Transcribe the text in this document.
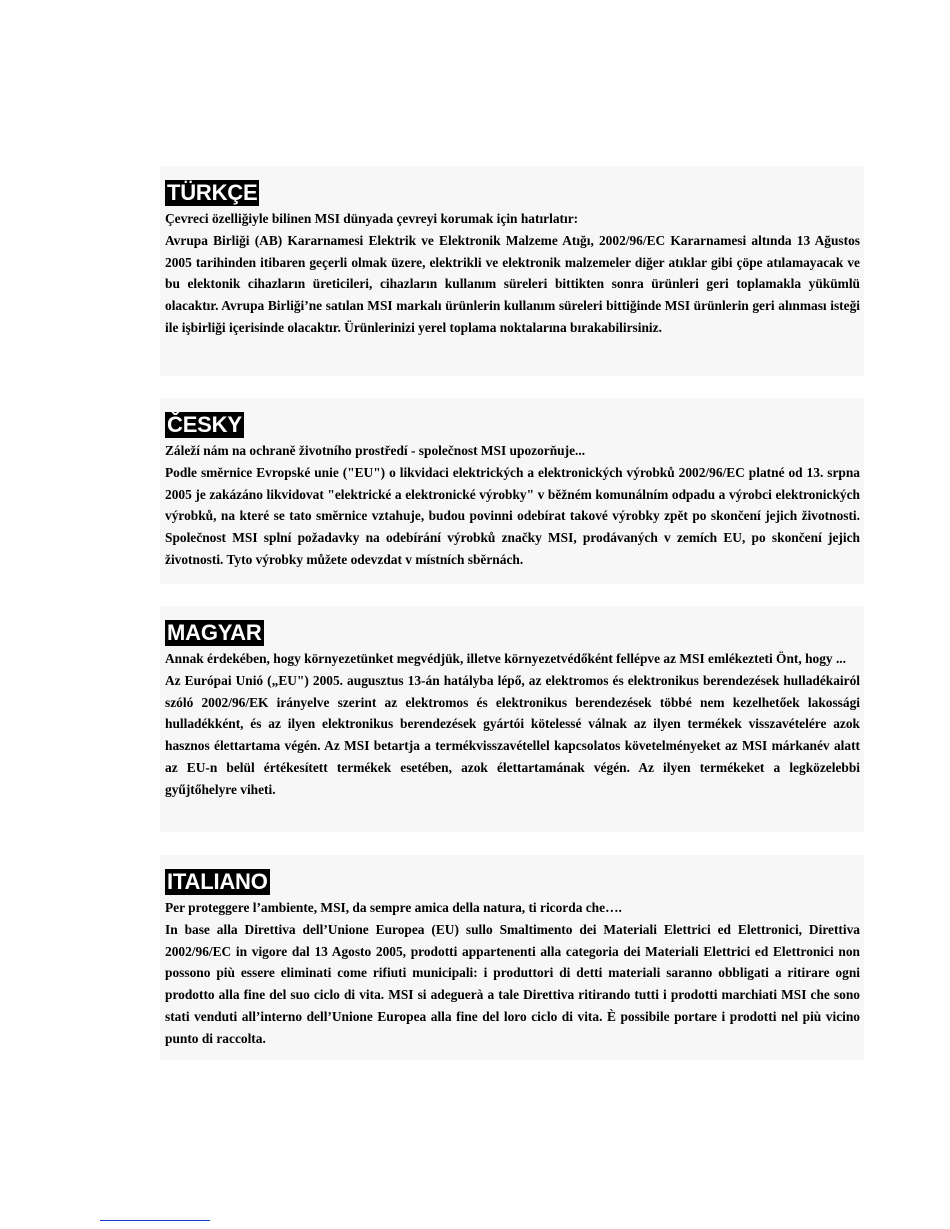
TÜRKÇE

Çevreci özelliğiyle bilinen MSI dünyada çevreyi korumak için hatırlatır:

Avrupa Birliği (AB) Kararnamesi Elektrik ve Elektronik Malzeme Atığı, 2002/96/EC Kararnamesi altında 13 Ağustos 2005 tarihinden itibaren geçerli olmak üzere, elektrikli ve elektronik malzemeler diğer atıklar gibi çöpe atılamayacak ve bu elektonik cihazların üreticileri, cihazların kullanım süreleri bittikten sonra ürünleri geri toplamakla yükümlü olacaktır. Avrupa Birliği’ne satılan MSI markalı ürünlerin kullanım süreleri bittiğinde MSI ürünlerin geri alınması isteği ile işbirliği içerisinde olacaktır. Ürünlerinizi yerel toplama noktalarına bırakabilirsiniz.

ČESKY

Záleží nám na ochraně životního prostředí - společnost MSI upozorňuje...

Podle směrnice Evropské unie ("EU") o likvidaci elektrických a elektronických výrobků 2002/96/EC platné od 13. srpna 2005 je zakázáno likvidovat "elektrické a elektronické výrobky" v běžném komunálním odpadu a výrobci elektronických výrobků, na které se tato směrnice vztahuje, budou povinni odebírat takové výrobky zpět po skončení jejich životnosti. Společnost MSI splní požadavky na odebírání výrobků značky MSI, prodávaných v zemích EU, po skončení jejich životnosti. Tyto výrobky můžete odevzdat v místních sběrnách.

MAGYAR

Annak érdekében, hogy környezetünket megvédjük, illetve környezetvédőként fellépve az MSI emlékezteti Önt, hogy ...

Az Európai Unió („EU") 2005. augusztus 13-án hatályba lépő, az elektromos és elektronikus berendezések hulladékairól szóló 2002/96/EK irányelve szerint az elektromos és elektronikus berendezések többé nem kezelhetőek lakossági hulladékként, és az ilyen elektronikus berendezések gyártói kötelessé válnak az ilyen termékek visszavételére azok hasznos élettartama végén. Az MSI betartja a termékvisszavétellel kapcsolatos követelményeket az MSI márkanév alatt az EU-n belül értékesített termékek esetében, azok élettartamának végén. Az ilyen termékeket a legközelebbi gyűjtőhelyre viheti.

ITALIANO

Per proteggere l’ambiente, MSI, da sempre amica della natura, ti ricorda che….

In base alla Direttiva dell’Unione Europea (EU) sullo Smaltimento dei Materiali Elettrici ed Elettronici, Direttiva 2002/96/EC in vigore dal 13 Agosto 2005, prodotti appartenenti alla categoria dei Materiali Elettrici ed Elettronici non possono più essere eliminati come rifiuti municipali: i produttori di detti materiali saranno obbligati a ritirare ogni prodotto alla fine del suo ciclo di vita. MSI si adeguerà a tale Direttiva ritirando tutti i prodotti marchiati MSI che sono stati venduti all’interno dell’Unione Europea alla fine del loro ciclo di vita. È possibile portare i prodotti nel più vicino punto di raccolta.
